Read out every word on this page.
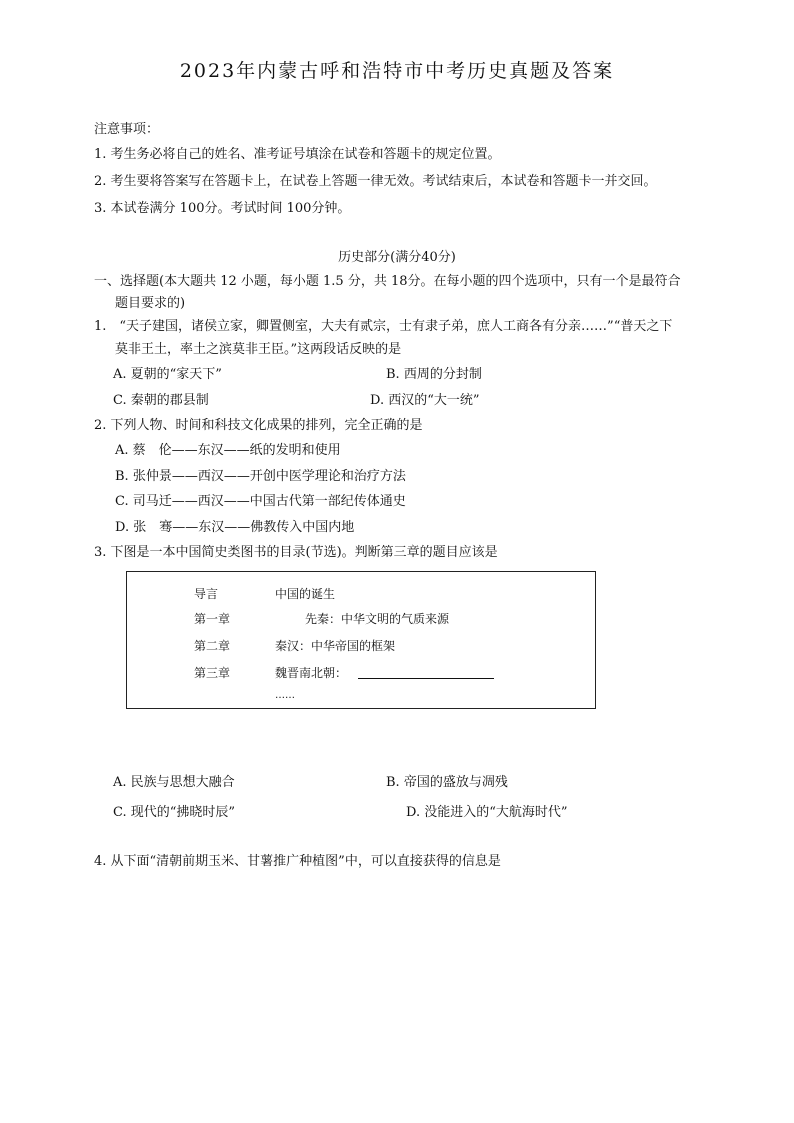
2023年内蒙古呼和浩特市中考历史真题及答案
注意事项：
1. 考生务必将自己的姓名、准考证号填涂在试卷和答题卡的规定位置。
2. 考生要将答案写在答题卡上，在试卷上答题一律无效。考试结束后，本试卷和答题卡一并交回。
3. 本试卷满分 100分。考试时间 100分钟。
历史部分(满分40分)
一、选择题(本大题共 12 小题，每小题 1.5 分，共 18分。在每小题的四个选项中，只有一个是最符合
题目要求的)
1.　“天子建国，诸侯立家，卿置侧室，大夫有贰宗，士有隶子弟，庶人工商各有分亲……”“普天之下
莫非王土，率土之滨莫非王臣。”这两段话反映的是
A. 夏朝的“家天下”	B. 西周的分封制
C. 秦朝的郡县制	D. 西汉的“大一统”
2. 下列人物、时间和科技文化成果的排列，完全正确的是
A. 蔡　伦——东汉——纸的发明和使用
B. 张仲景——西汉——开创中医学理论和治疗方法
C. 司马迁——西汉——中国古代第一部纪传体通史
D. 张　骞——东汉——佛教传入中国内地
3. 下图是一本中国简史类图书的目录(节选)。判断第三章的题目应该是
导言	中国的诞生
第一章	先秦：中华文明的气质来源
第二章	秦汉：中华帝国的框架
第三章	魏晋南北朝：
……
A. 民族与思想大融合	B. 帝国的盛放与凋残
C. 现代的“拂晓时辰”	D. 没能进入的“大航海时代”
4. 从下面“清朝前期玉米、甘薯推广种植图”中，可以直接获得的信息是
